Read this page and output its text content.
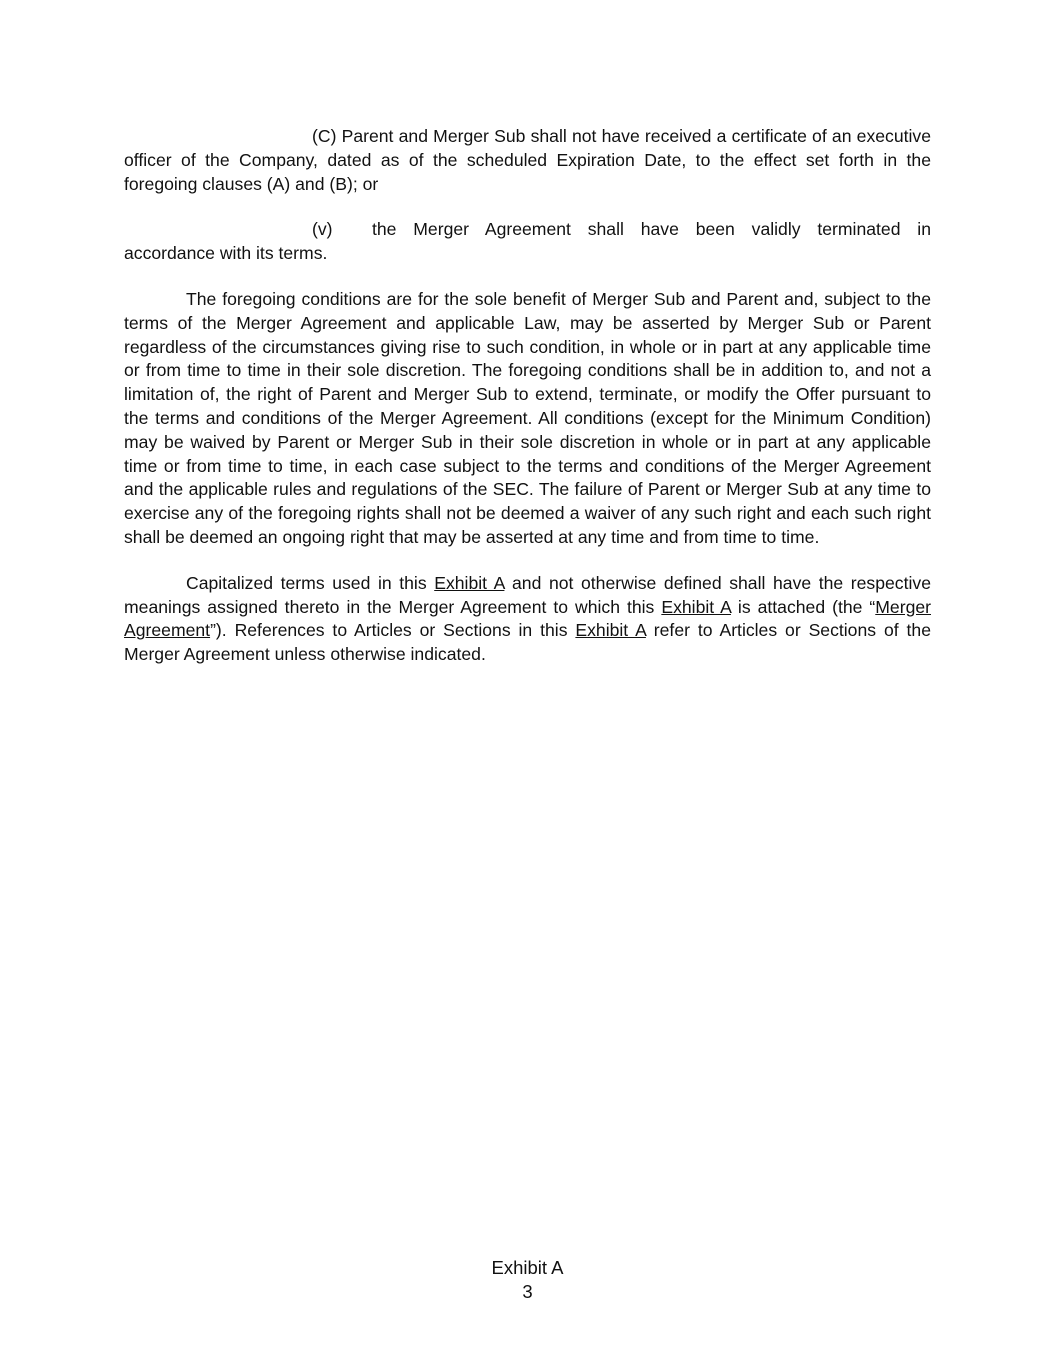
(C) Parent and Merger Sub shall not have received a certificate of an executive officer of the Company, dated as of the scheduled Expiration Date, to the effect set forth in the foregoing clauses (A) and (B); or

(v) the Merger Agreement shall have been validly terminated in accordance with its terms.

The foregoing conditions are for the sole benefit of Merger Sub and Parent and, subject to the terms of the Merger Agreement and applicable Law, may be asserted by Merger Sub or Parent regardless of the circumstances giving rise to such condition, in whole or in part at any applicable time or from time to time in their sole discretion. The foregoing conditions shall be in addition to, and not a limitation of, the right of Parent and Merger Sub to extend, terminate, or modify the Offer pursuant to the terms and conditions of the Merger Agreement. All conditions (except for the Minimum Condition) may be waived by Parent or Merger Sub in their sole discretion in whole or in part at any applicable time or from time to time, in each case subject to the terms and conditions of the Merger Agreement and the applicable rules and regulations of the SEC. The failure of Parent or Merger Sub at any time to exercise any of the foregoing rights shall not be deemed a waiver of any such right and each such right shall be deemed an ongoing right that may be asserted at any time and from time to time.

Capitalized terms used in this Exhibit A and not otherwise defined shall have the respective meanings assigned thereto in the Merger Agreement to which this Exhibit A is attached (the “Merger Agreement”). References to Articles or Sections in this Exhibit A refer to Articles or Sections of the Merger Agreement unless otherwise indicated.

Exhibit A
3
